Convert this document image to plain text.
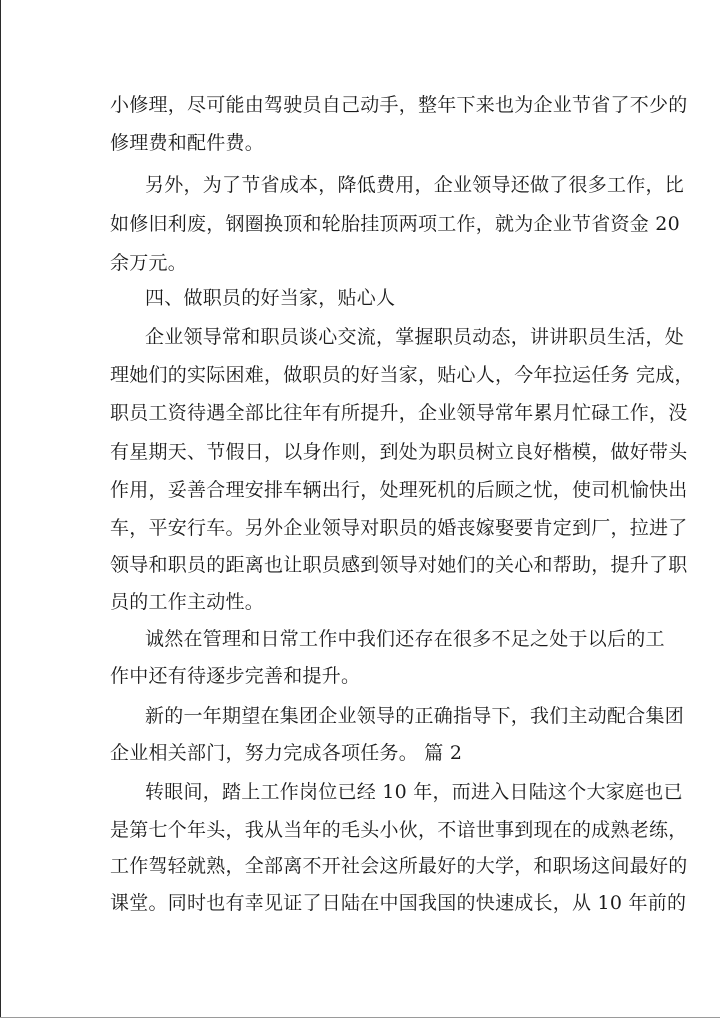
小修理，尽可能由驾驶员自己动手，整年下来也为企业节省了不少的
修理费和配件费。
另外，为了节省成本，降低费用，企业领导还做了很多工作，比
如修旧利废，钢圈换顶和轮胎挂顶两项工作，就为企业节省资金 20
余万元。
四、做职员的好当家，贴心人
企业领导常和职员谈心交流，掌握职员动态，讲讲职员生活，处
理她们的实际困难，做职员的好当家，贴心人，今年拉运任务 完成，
职员工资待遇全部比往年有所提升，企业领导常年累月忙碌工作，没
有星期天、节假日，以身作则，到处为职员树立良好楷模，做好带头
作用，妥善合理安排车辆出行，处理死机的后顾之忧，使司机愉快出
车，平安行车。另外企业领导对职员的婚丧嫁娶要肯定到厂，拉进了
领导和职员的距离也让职员感到领导对她们的关心和帮助，提升了职
员的工作主动性。
诚然在管理和日常工作中我们还存在很多不足之处于以后的工
作中还有待逐步完善和提升。
新的一年期望在集团企业领导的正确指导下，我们主动配合集团
企业相关部门，努力完成各项任务。 篇 2
转眼间，踏上工作岗位已经 10 年，而进入日陆这个大家庭也已
是第七个年头，我从当年的毛头小伙，不谙世事到现在的成熟老练，
工作驾轻就熟，全部离不开社会这所最好的大学，和职场这间最好的
课堂。同时也有幸见证了日陆在中国我国的快速成长，从 10 年前的
